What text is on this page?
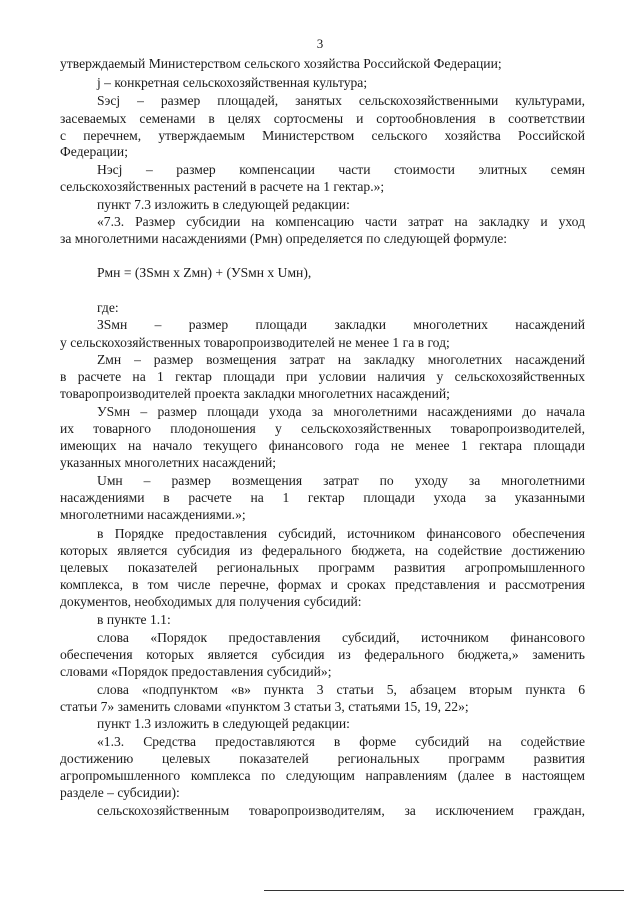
3
утверждаемый Министерством сельского хозяйства Российской Федерации;
j – конкретная сельскохозяйственная культура;
Sэсj – размер площадей, занятых сельскохозяйственными культурами,
засеваемых семенами в целях сортосмены и сортообновления в соответствии
с перечнем, утверждаемым Министерством сельского хозяйства Российской
Федерации;
Нэсj – размер компенсации части стоимости элитных семян
сельскохозяйственных растений в расчете на 1 гектар.»;
пункт 7.3 изложить в следующей редакции:
«7.3. Размер субсидии на компенсацию части затрат на закладку и уход
за многолетними насаждениями (Рмн) определяется по следующей формуле:
Рмн = (ЗSмн x Zмн) + (УSмн x Uмн),
где:
ЗSмн – размер площади закладки многолетних насаждений
у сельскохозяйственных товаропроизводителей не менее 1 га в год;
Zмн – размер возмещения затрат на закладку многолетних насаждений
в расчете на 1 гектар площади при условии наличия у сельскохозяйственных
товаропроизводителей проекта закладки многолетних насаждений;
УSмн – размер площади ухода за многолетними насаждениями до начала
их товарного плодоношения у сельскохозяйственных товаропроизводителей,
имеющих на начало текущего финансового года не менее 1 гектара площади
указанных многолетних насаждений;
Uмн – размер возмещения затрат по уходу за многолетними
насаждениями в расчете на 1 гектар площади ухода за указанными
многолетними насаждениями.»;
в Порядке предоставления субсидий, источником финансового обеспечения
которых является субсидия из федерального бюджета, на содействие достижению
целевых показателей региональных программ развития агропромышленного
комплекса, в том числе перечне, формах и сроках представления и рассмотрения
документов, необходимых для получения субсидий:
в пункте 1.1:
слова «Порядок предоставления субсидий, источником финансового
обеспечения которых является субсидия из федерального бюджета,» заменить
словами «Порядок предоставления субсидий»;
слова «подпунктом «в» пункта 3 статьи 5, абзацем вторым пункта 6
статьи 7» заменить словами «пунктом 3 статьи 3, статьями 15, 19, 22»;
пункт 1.3 изложить в следующей редакции:
«1.3. Средства предоставляются в форме субсидий на содействие
достижению целевых показателей региональных программ развития
агропромышленного комплекса по следующим направлениям (далее в настоящем
разделе – субсидии):
сельскохозяйственным товаропроизводителям, за исключением граждан,
